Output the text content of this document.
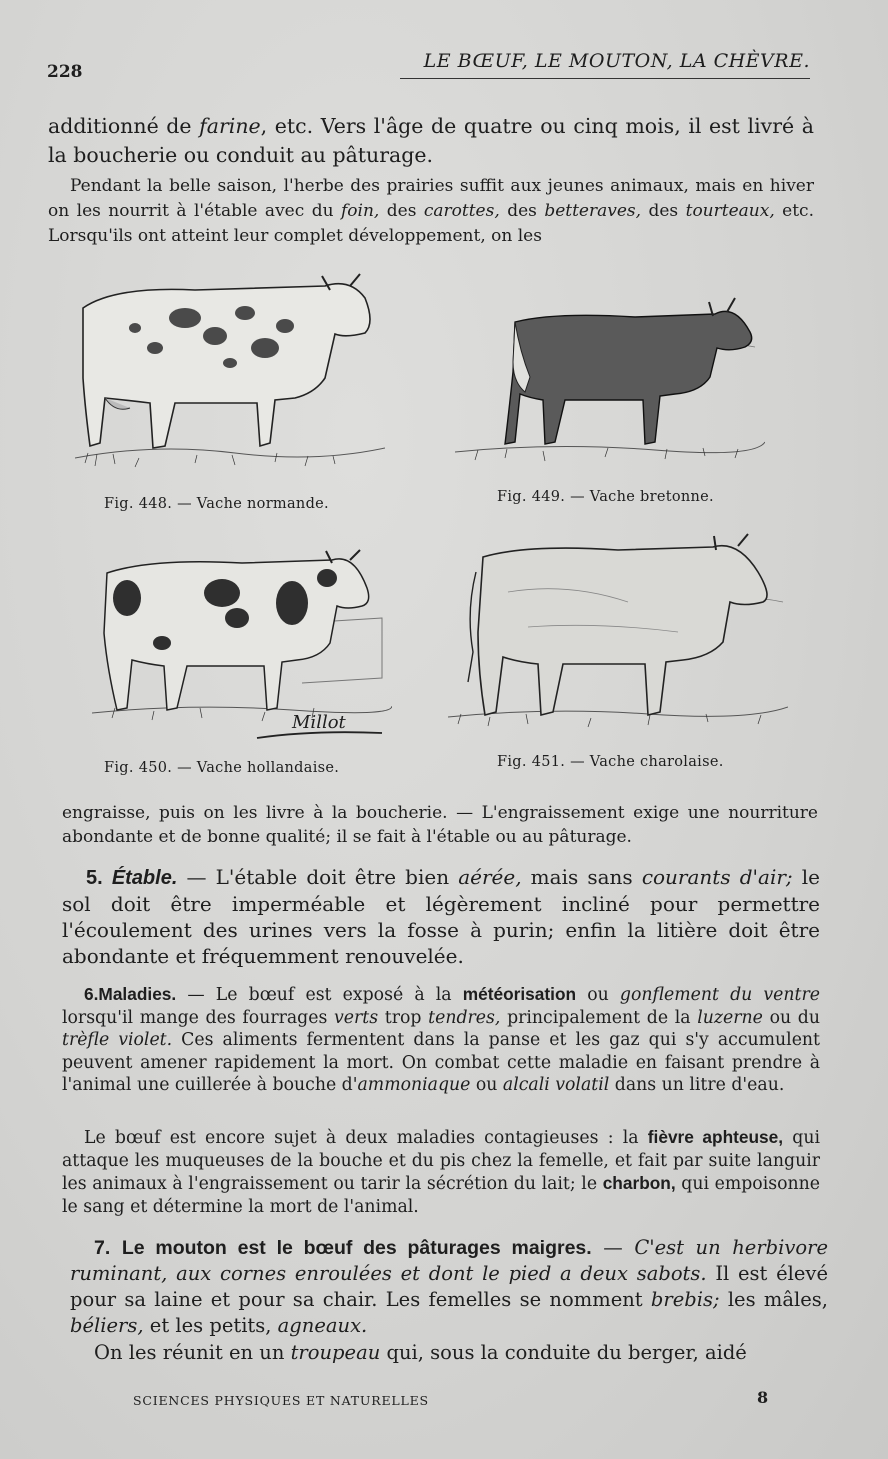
228	LE BŒUF, LE MOUTON, LA CHÈVRE.

additionné de farine, etc. Vers l'âge de quatre ou cinq mois, il est livré à la boucherie ou conduit au pâturage.

Pendant la belle saison, l'herbe des prairies suffit aux jeunes animaux, mais en hiver on les nourrit à l'étable avec du foin, des carottes, des betteraves, des tourteaux, etc. Lorsqu'ils ont atteint leur complet développement, on les

Fig. 448. — Vache normande.	Fig. 449. — Vache bretonne.
Millot
Fig. 450. — Vache hollandaise.	Fig. 451. — Vache charolaise.

engraisse, puis on les livre à la boucherie. — L'engraissement exige une nourriture abondante et de bonne qualité; il se fait à l'étable ou au pâturage.

5. Étable. — L'étable doit être bien aérée, mais sans courants d'air; le sol doit être imperméable et légèrement incliné pour permettre l'écoulement des urines vers la fosse à purin; enfin la litière doit être abondante et fréquemment renouvelée.

6.Maladies. — Le bœuf est exposé à la météorisation ou gonflement du ventre lorsqu'il mange des fourrages verts trop tendres, principalement de la luzerne ou du trèfle violet. Ces aliments fermentent dans la panse et les gaz qui s'y accumulent peuvent amener rapidement la mort. On combat cette maladie en faisant prendre à l'animal une cuillerée à bouche d'ammoniaque ou alcali volatil dans un litre d'eau.

Le bœuf est encore sujet à deux maladies contagieuses : la fièvre aphteuse, qui attaque les muqueuses de la bouche et du pis chez la femelle, et fait par suite languir les animaux à l'engraissement ou tarir la sécrétion du lait; le charbon, qui empoisonne le sang et détermine la mort de l'animal.

7. Le mouton est le bœuf des pâturages maigres. — C'est un herbivore ruminant, aux cornes enroulées et dont le pied a deux sabots. Il est élevé pour sa laine et pour sa chair. Les femelles se nomment brebis; les mâles, béliers, et les petits, agneaux.

On les réunit en un troupeau qui, sous la conduite du berger, aidé

SCIENCES PHYSIQUES ET NATURELLES	8
